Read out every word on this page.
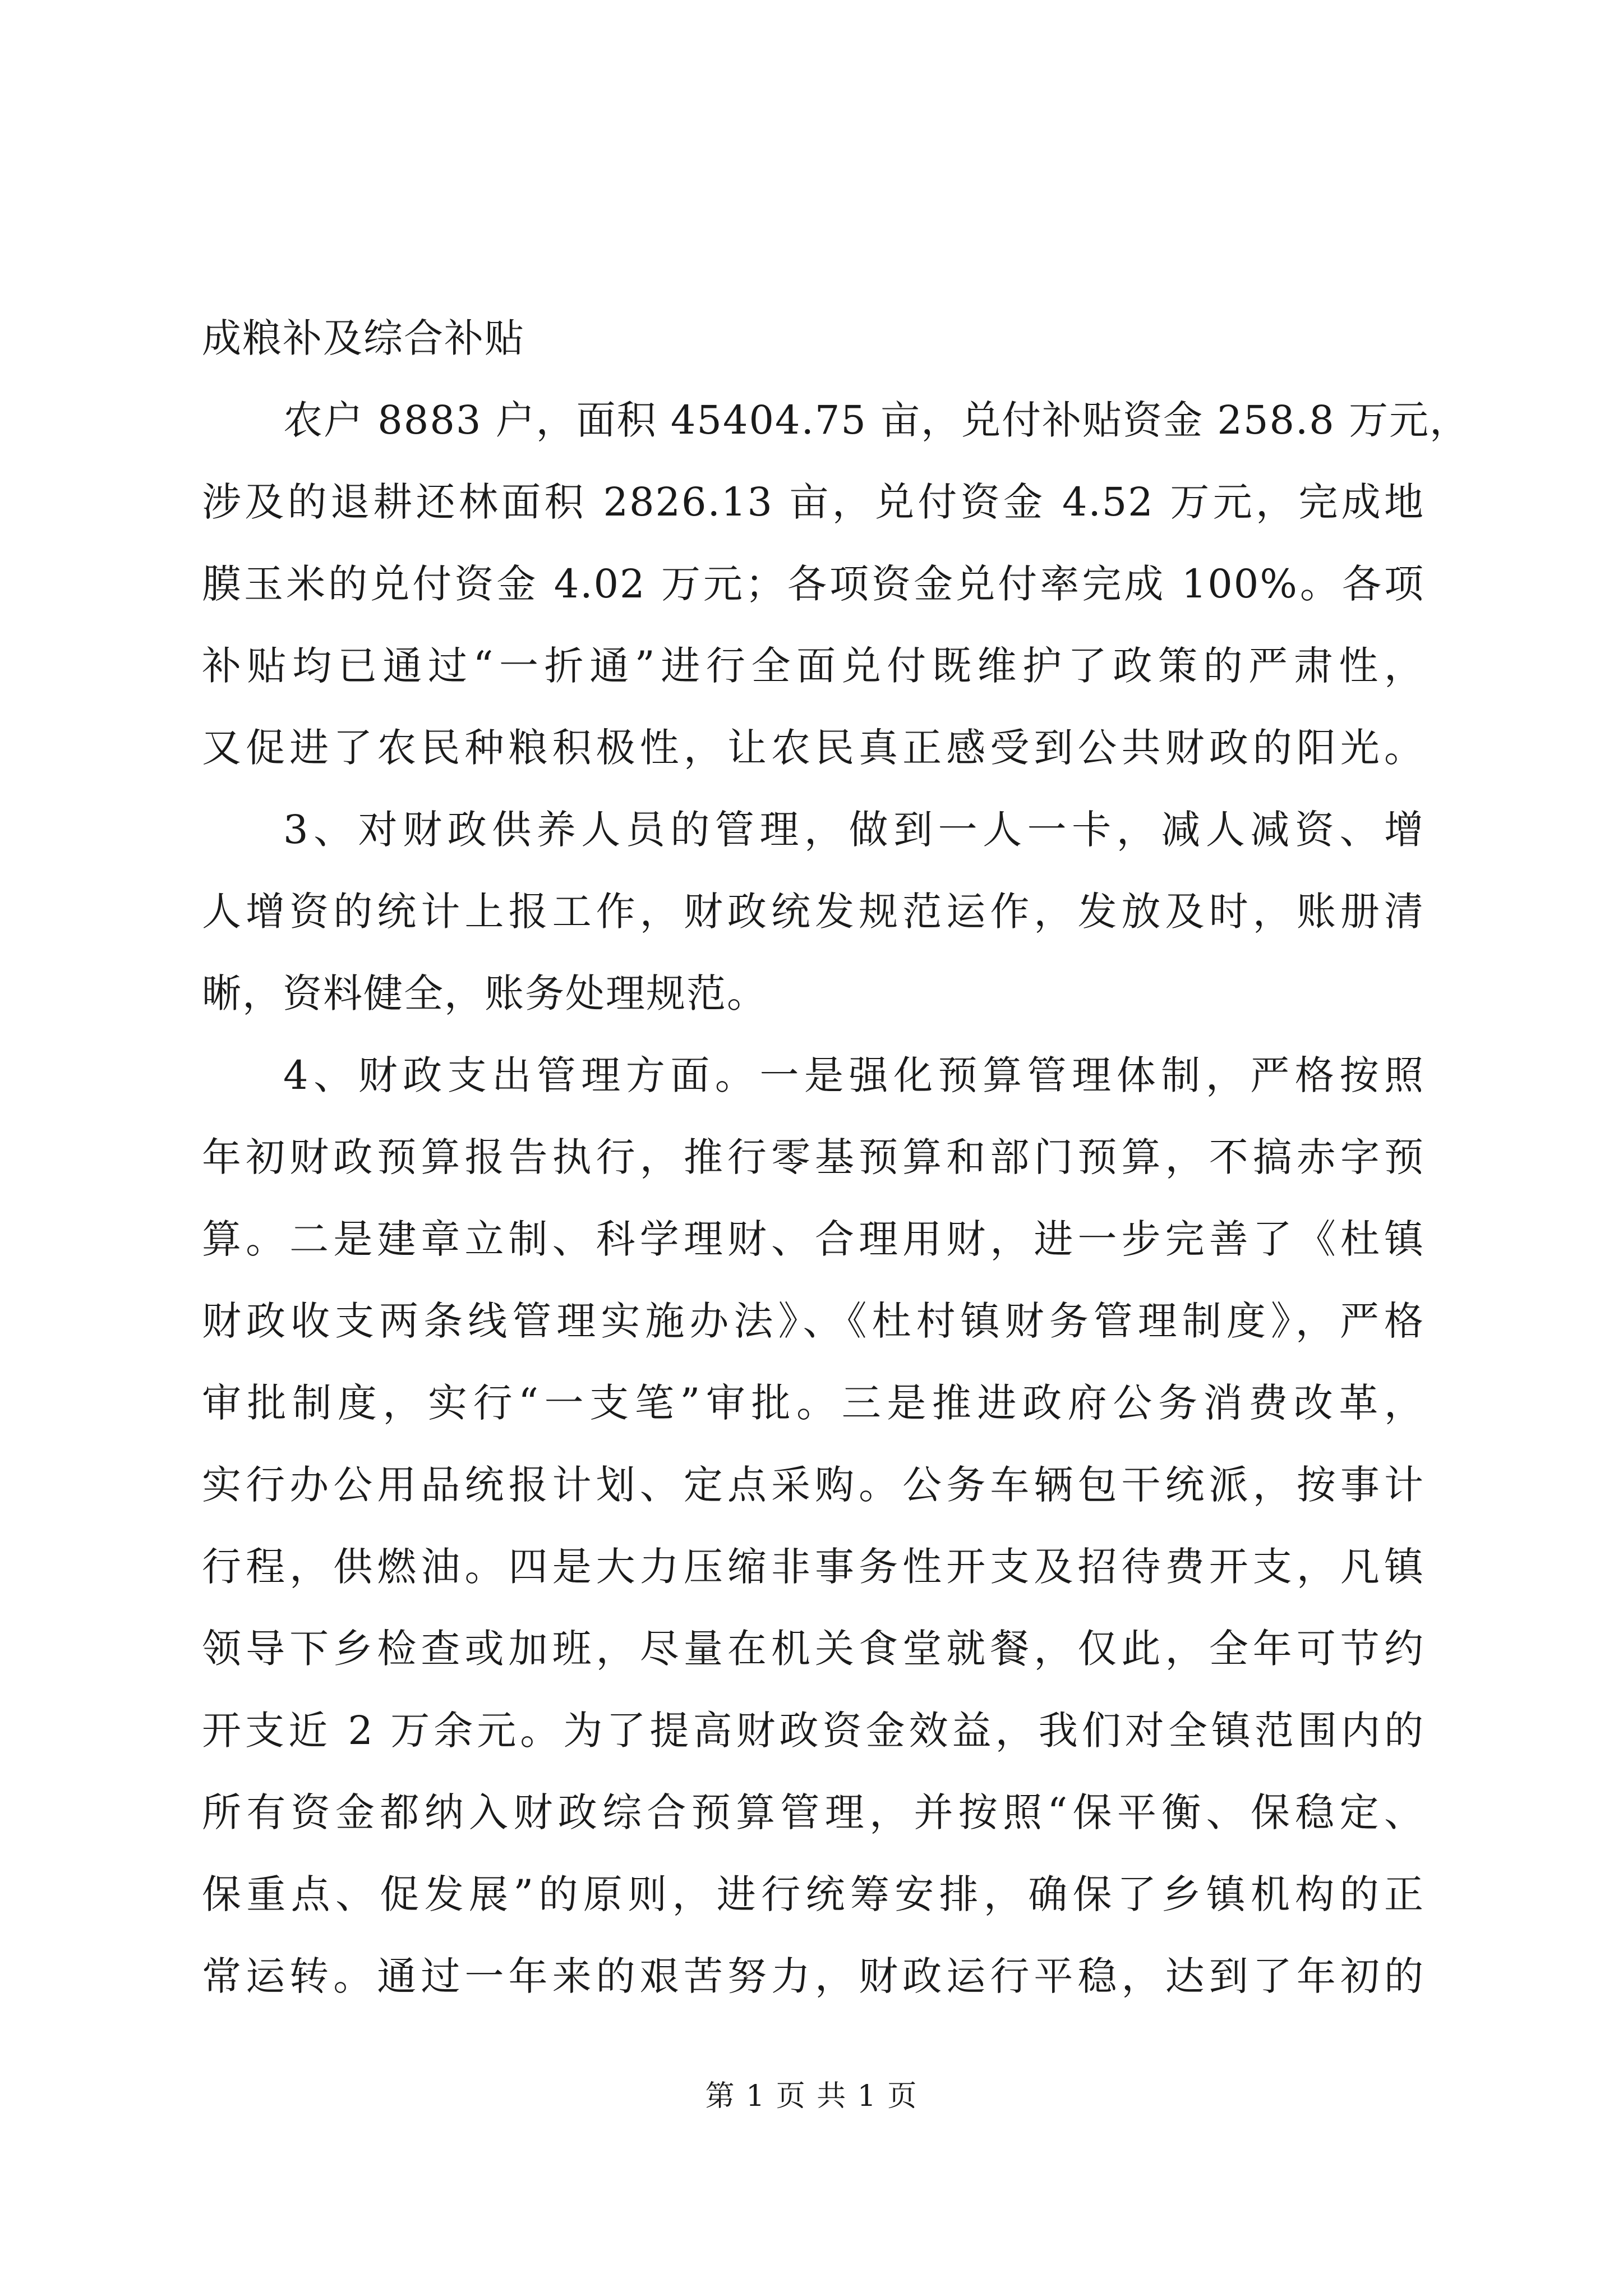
成粮补及综合补贴
农户 8883 户，面积 45404.75 亩，兑付补贴资金 258.8 万元，
涉及的退耕还林面积 2826.13 亩，兑付资金 4.52 万元，完成地
膜玉米的兑付资金 4.02 万元；各项资金兑付率完成 100%。各项
补贴均已通过“一折通”进行全面兑付既维护了政策的严肃性，
又促进了农民种粮积极性，让农民真正感受到公共财政的阳光。
3、对财政供养人员的管理，做到一人一卡，减人减资、增
人增资的统计上报工作，财政统发规范运作，发放及时，账册清
晰，资料健全，账务处理规范。
4、财政支出管理方面。一是强化预算管理体制，严格按照
年初财政预算报告执行，推行零基预算和部门预算，不搞赤字预
算。二是建章立制、科学理财、合理用财，进一步完善了《杜镇
财政收支两条线管理实施办法》、《杜村镇财务管理制度》，严格
审批制度，实行“一支笔”审批。三是推进政府公务消费改革，
实行办公用品统报计划、定点采购。公务车辆包干统派，按事计
行程，供燃油。四是大力压缩非事务性开支及招待费开支，凡镇
领导下乡检查或加班，尽量在机关食堂就餐，仅此，全年可节约
开支近 2 万余元。为了提高财政资金效益，我们对全镇范围内的
所有资金都纳入财政综合预算管理，并按照“保平衡、保稳定、
保重点、促发展”的原则，进行统筹安排，确保了乡镇机构的正
常运转。通过一年来的艰苦努力，财政运行平稳，达到了年初的
第 1 页 共 1 页
